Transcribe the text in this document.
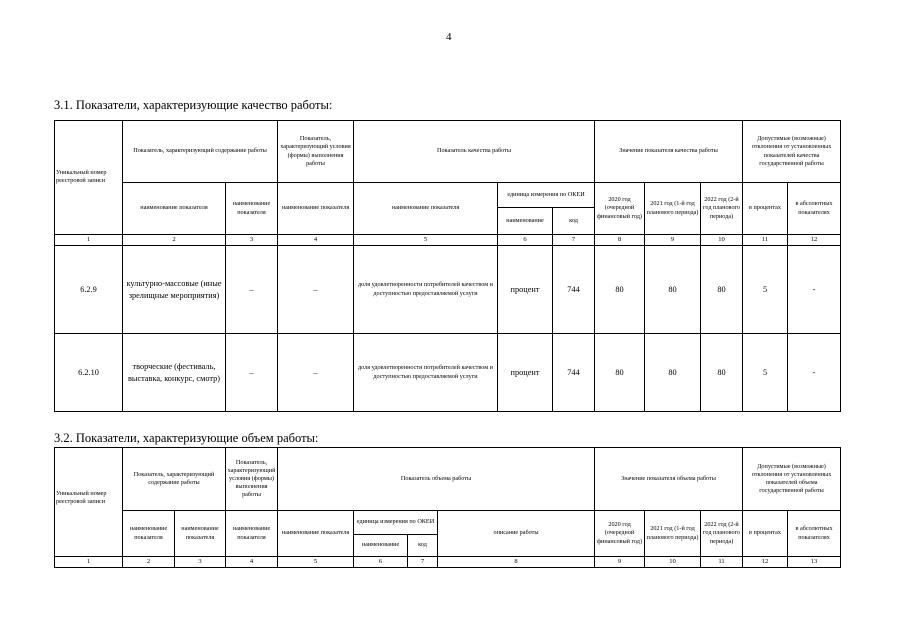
4
3.1. Показатели, характеризующие качество работы:
Уникальный номер реестровой записи	Показатель, характеризующий содержание работы		Показатель, характеризующий условия (формы) выполнения работы	Показатель качества работы			Значение показателя качества работы			Допустимые (возможные) отклонения от установленных показателей качества государственной работы	
	наименование показателя	наименование показателя	наименование показателя	наименование показателя	единица измерения по ОКЕИ		2020 год (очередной финансовый год)	2021 год (1-й год планового периода)	2022 год (2-й год планового периода)	в процентах	в абсолютных показателях
					наименование	код					
1	2	3	4	5	6	7	8	9	10	11	12
6.2.9	культурно-массовые (иные зрелищные мероприятия)	–	–	доля удовлетворенности потребителей качеством и доступностью предоставляемой услуги	процент	744	80	80	80	5	-
6.2.10	творческие (фестиваль, выставка, конкурс, смотр)	–	–	доля удовлетворенности потребителей качеством и доступностью предоставляемой услуги	процент	744	80	80	80	5	-
3.2. Показатели, характеризующие объем работы:
Уникальный номер реестровой записи	Показатель, характеризующий содержание работы		Показатель, характеризующий условия (формы) выполнения работы	Показатель объема работы				Значение показателя объема работы			Допустимые (возможные) отклонения от установленных показателей объема государственной работы	
	наименование показателя	наименование показателя	наименование показателя	наименование показателя	единица измерения по ОКЕИ		описание работы	2020 год (очередной финансовый год)	2021 год (1-й год планового периода)	2022 год (2-й год планового периода)	в процентах	в абсолютных показателях
					наименование	код						
1	2	3	4	5	6	7	8	9	10	11	12	13
